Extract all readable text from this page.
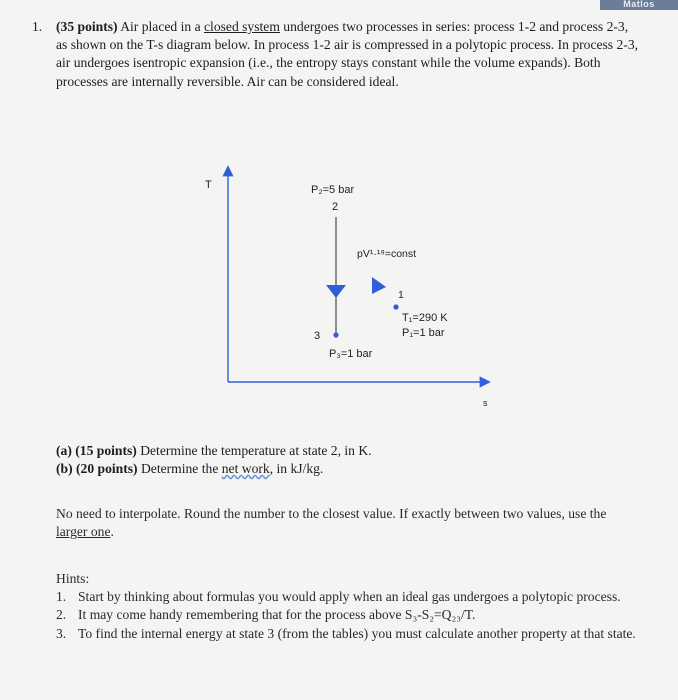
Matlos
1. (35 points) Air placed in a closed system undergoes two processes in series: process 1-2 and process 2-3, as shown on the T-s diagram below. In process 1-2 air is compressed in a polytopic process. In process 2-3, air undergoes isentropic expansion (i.e., the entropy stays constant while the volume expands). Both processes are internally reversible. Air can be considered ideal.
T
s
P₂=5 bar
2
pV¹·¹⁹=const
1
T₁=290 K
P₁=1 bar
3
P₃=1 bar
(a) (15 points) Determine the temperature at state 2, in K.
(b) (20 points) Determine the net work, in kJ/kg.
No need to interpolate. Round the number to the closest value. If exactly between two values, use the larger one.
Hints:
1. Start by thinking about formulas you would apply when an ideal gas undergoes a polytopic process.
2. It may come handy remembering that for the process above S₃-S₂=Q₂₃/T.
3. To find the internal energy at state 3 (from the tables) you must calculate another property at that state.
